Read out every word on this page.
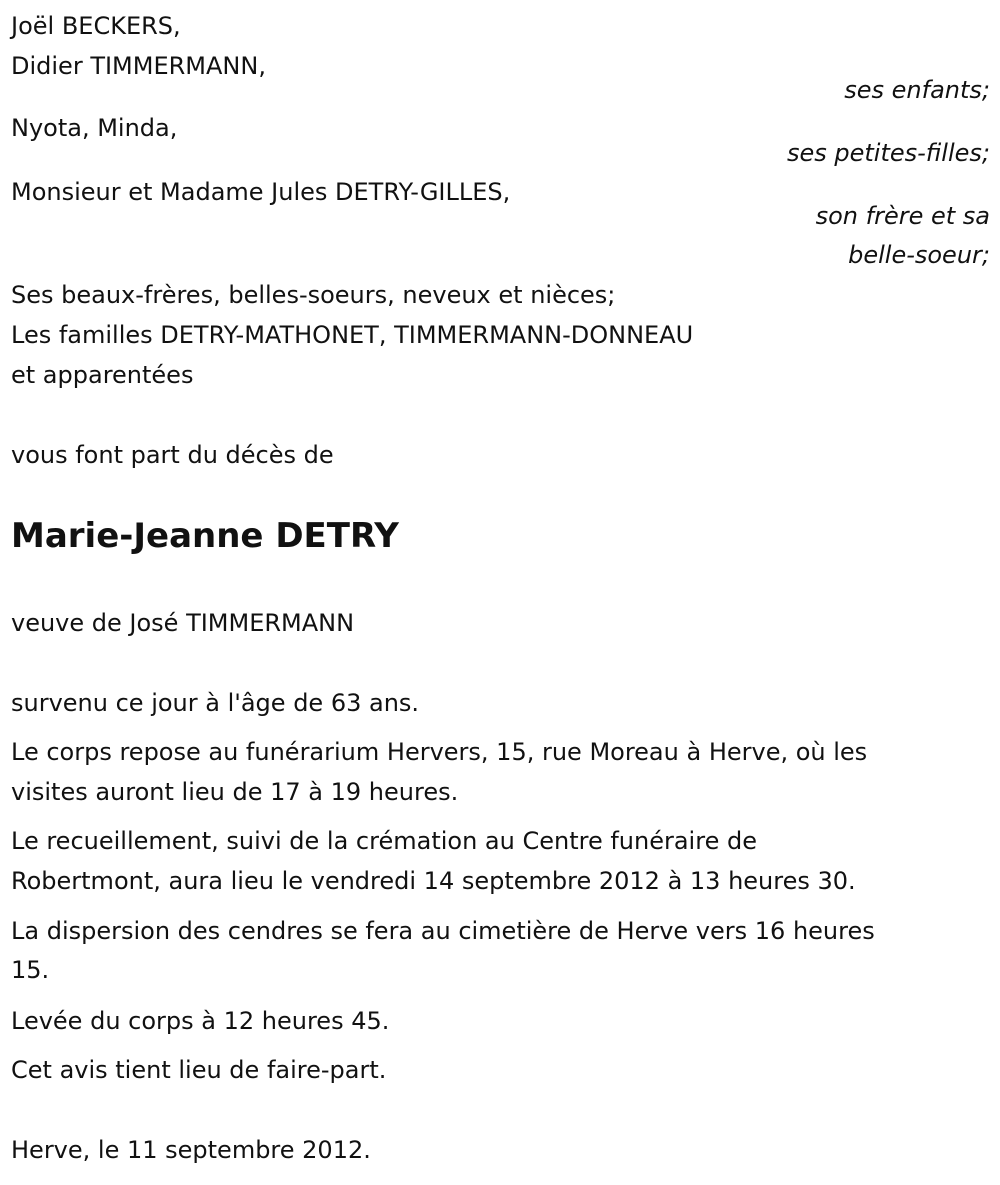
Joël BECKERS,
Didier TIMMERMANN,
ses enfants;
Nyota, Minda,
ses petites-filles;
Monsieur et Madame Jules DETRY-GILLES,
son frère et sa
belle-soeur;
Ses beaux-frères, belles-soeurs, neveux et nièces;
Les familles DETRY-MATHONET, TIMMERMANN-DONNEAU
et apparentées
vous font part du décès de
Marie-Jeanne DETRY
veuve de José TIMMERMANN
survenu ce jour à l'âge de 63 ans.
Le corps repose au funérarium Hervers, 15, rue Moreau à Herve, où les
visites auront lieu de 17 à 19 heures.
Le recueillement, suivi de la crémation au Centre funéraire de
Robertmont, aura lieu le vendredi 14 septembre 2012 à 13 heures 30.
La dispersion des cendres se fera au cimetière de Herve vers 16 heures
15.
Levée du corps à 12 heures 45.
Cet avis tient lieu de faire-part.
Herve, le 11 septembre 2012.
